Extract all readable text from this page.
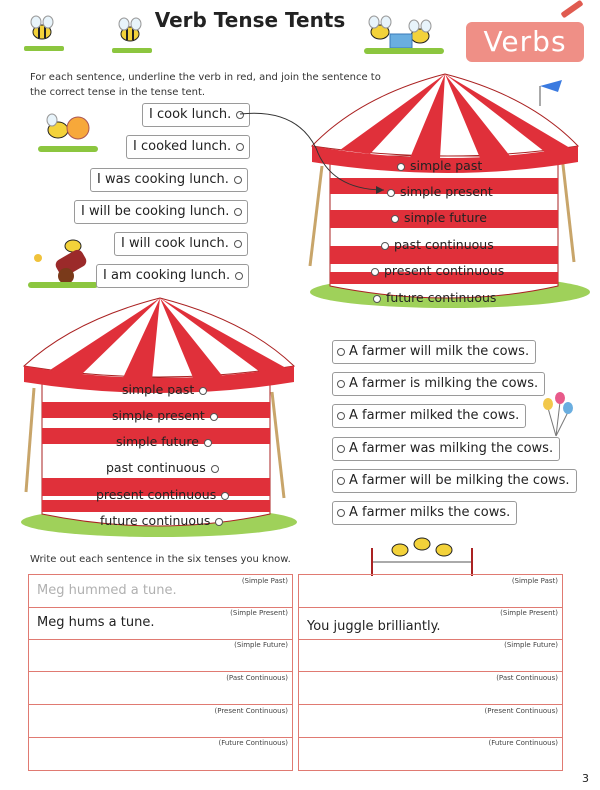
Verb Tense Tents
Verbs
For each sentence, underline the verb in red, and join the sentence to the correct tense in the tense tent.
I cook lunch.
I cooked lunch.
I was cooking lunch.
I will be cooking lunch.
I will cook lunch.
I am cooking lunch.
simple past
simple present
simple future
past continuous
present continuous
future continuous
simple past
simple present
simple future
past continuous
present continuous
future continuous
A farmer will milk the cows.
A farmer is milking the cows.
A farmer milked the cows.
A farmer was milking the cows.
A farmer will be milking the cows.
A farmer milks the cows.
Write out each sentence in the six tenses you know.
Meg hummed a tune.
(Simple Past)
Meg hums a tune.
(Simple Present)
(Simple Future)
(Past Continuous)
(Present Continuous)
(Future Continuous)
(Simple Past)
You juggle brilliantly.
(Simple Present)
(Simple Future)
(Past Continuous)
(Present Continuous)
(Future Continuous)
3
